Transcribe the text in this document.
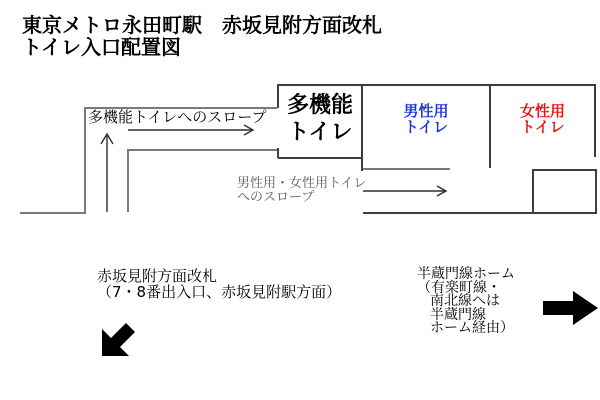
東京メトロ永田町駅　赤坂見附方面改札
トイレ入口配置図
多機能トイレへのスロープ 多機能
トイレ
男性用
トイレ
女性用
トイレ
男性用・女性用トイレ
へのスロープ
赤坂見附方面改札
（7・8番出入口、赤坂見附駅方面）
半蔵門線ホーム
（有楽町線・
南北線へは
半蔵門線
ホーム経由）
